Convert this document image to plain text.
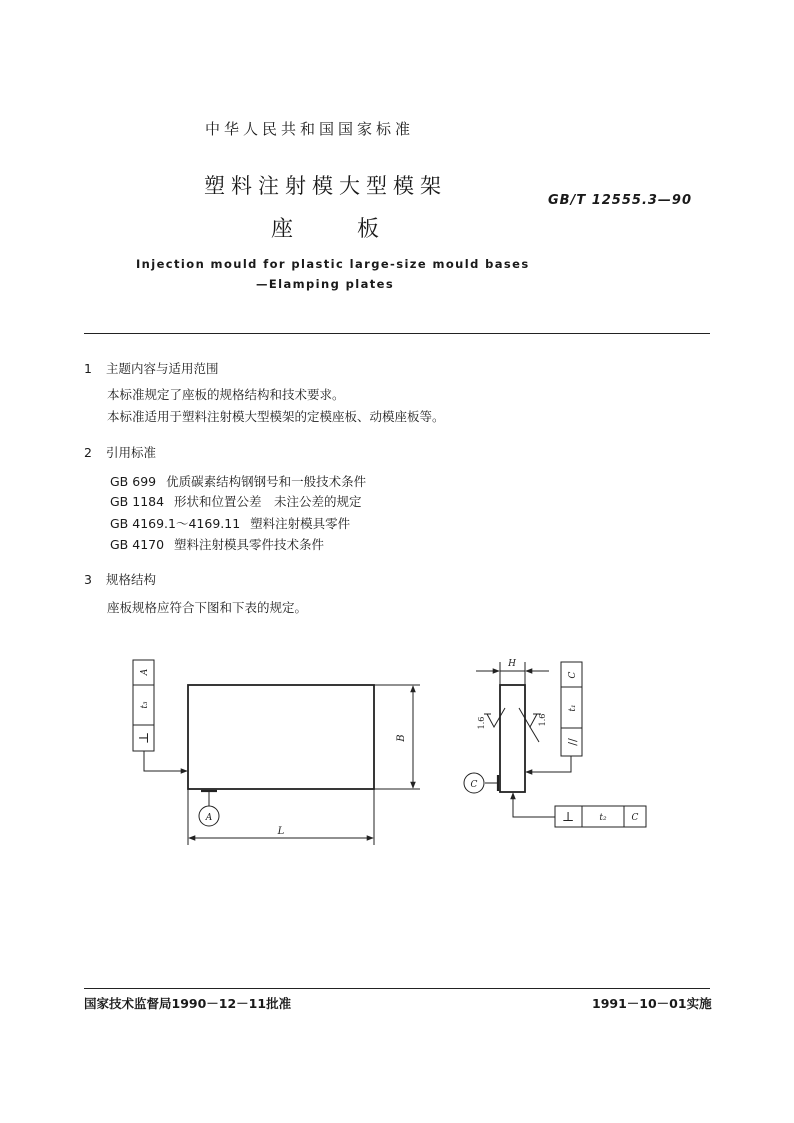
中华人民共和国国家标准
塑料注射模大型模架
座	板
GB/T 12555.3—90
Injection mould for plastic large-size mould bases
—Elamping plates
1 主题内容与适用范围
本标准规定了座板的规格结构和技术要求。
本标准适用于塑料注射模大型模架的定模座板、动模座板等。
2 引用标准
GB 699 优质碳素结构钢钢号和一般技术条件
GB 1184 形状和位置公差　未注公差的规定
GB 4169.1～4169.11 塑料注射模具零件
GB 4170 塑料注射模具零件技术条件
3 规格结构
座板规格应符合下图和下表的规定。
L
B
A
A
t₃
⊥
H
1.6	1.6
C
C
t₁
//
⊥	t₂	C
国家技术监督局1990－12－11批准	1991－10－01实施
